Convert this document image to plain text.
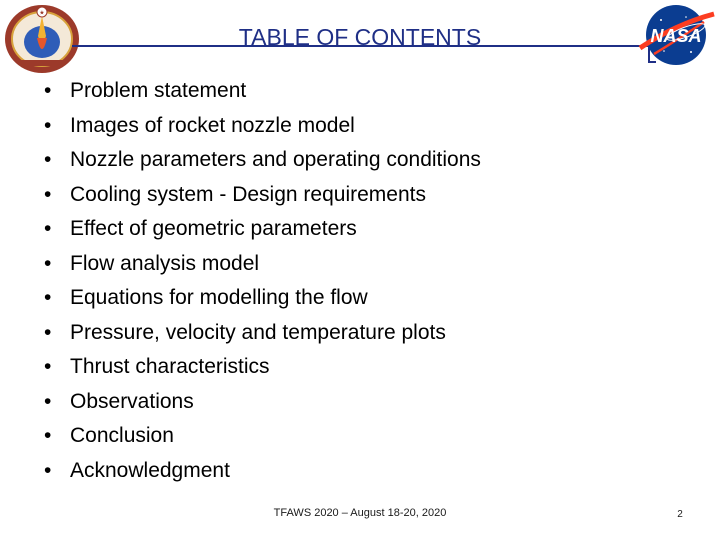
★
TABLE OF CONTENTS	NASA
• Problem statement
• Images of rocket nozzle model
• Nozzle parameters and operating conditions
• Cooling system - Design requirements
• Effect of geometric parameters
• Flow analysis model
• Equations for modelling the flow
• Pressure, velocity and temperature plots
• Thrust characteristics
• Observations
• Conclusion
• Acknowledgment
TFAWS 2020 – August 18-20, 2020	2
